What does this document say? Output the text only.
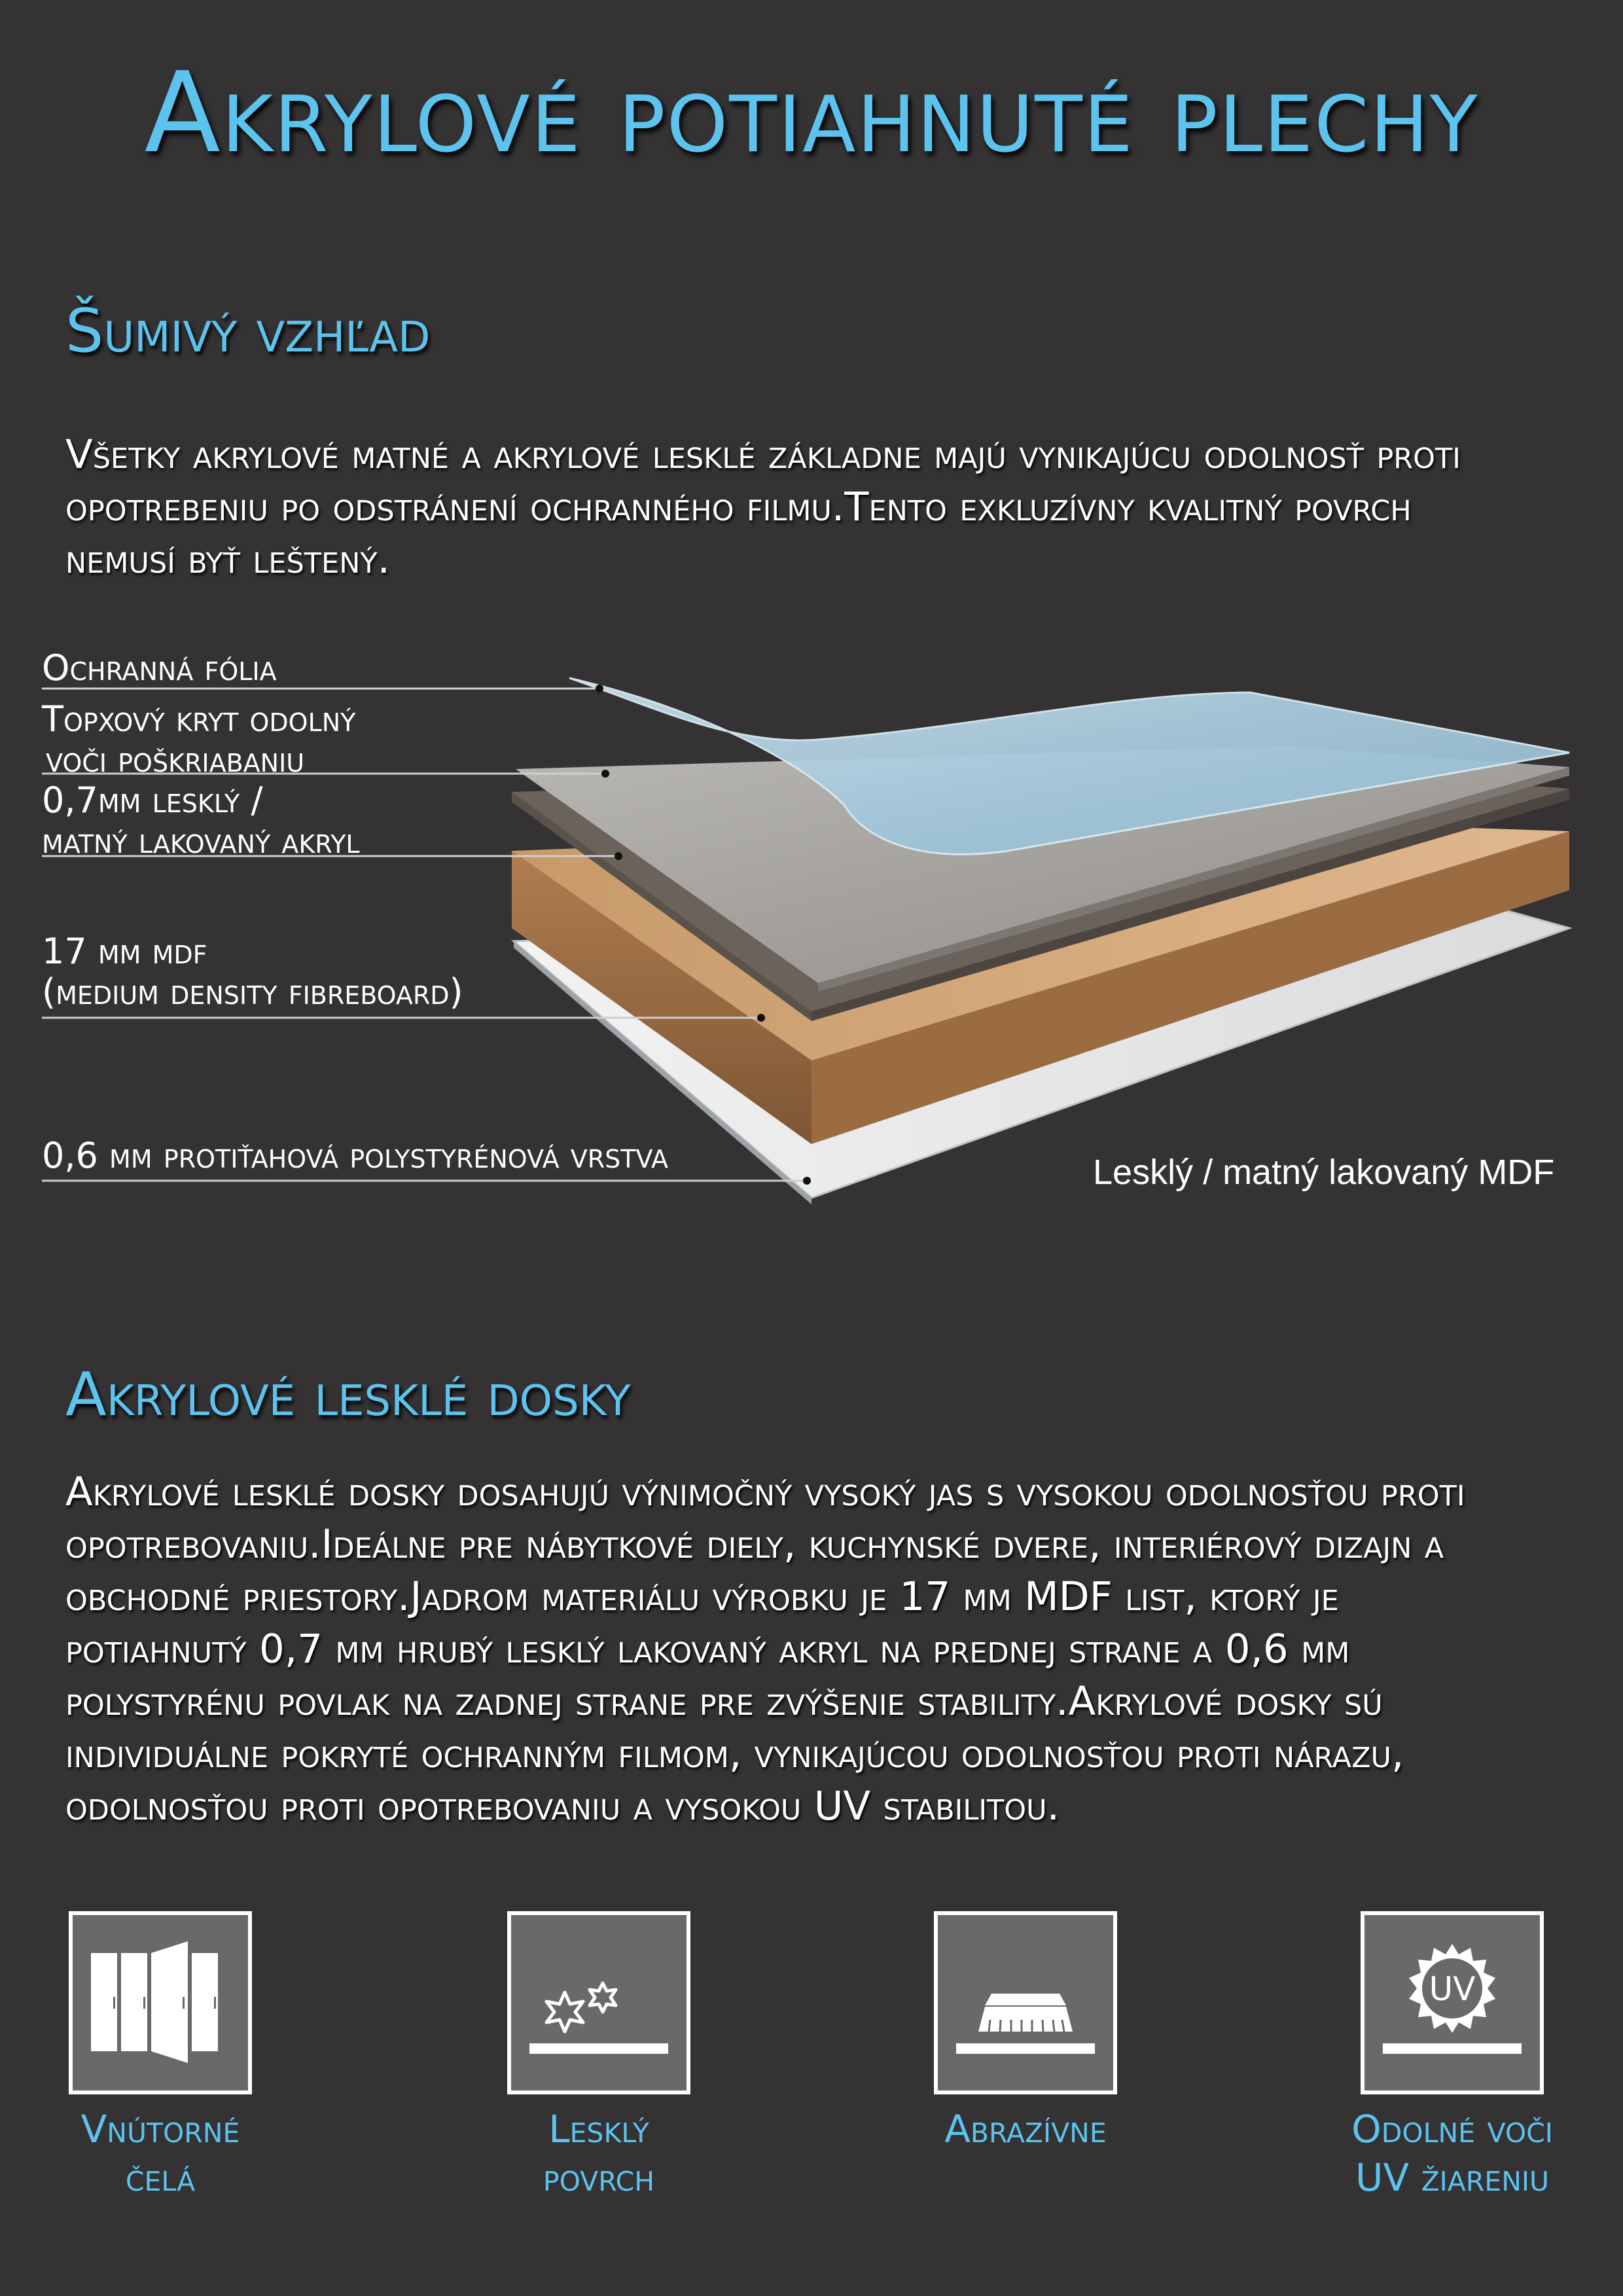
Akrylové potiahnuté plechy
Šumivý vzhľad
Všetky akrylové matné a akrylové lesklé základne majú vynikajúcu odolnosť proti
opotrebeniu po odstránení ochranného filmu.Tento exkluzívny kvalitný povrch
nemusí byť leštený.
Ochranná fólia
Topxový kryt odolný
voči poškriabaniu
0,7mm lesklý /
matný lakovaný akryl
17 mm mdf
(medium density fibreboard)
0,6 mm protiťahová polystyrénová vrstva	Lesklý / matný lakovaný MDF
Akrylové lesklé dosky
Akrylové lesklé dosky dosahujú výnimočný vysoký jas s vysokou odolnosťou proti
opotrebovaniu.Ideálne pre nábytkové diely, kuchynské dvere, interiérový dizajn a
obchodné priestory.Jadrom materiálu výrobku je 17 mm MDF list, ktorý je
potiahnutý 0,7 mm hrubý lesklý lakovaný akryl na prednej strane a 0,6 mm
polystyrénu povlak na zadnej strane pre zvýšenie stability.Akrylové dosky sú
individuálne pokryté ochranným filmom, vynikajúcou odolnosťou proti nárazu,
odolnosťou proti opotrebovaniu a vysokou UV stabilitou.
Vnútorné
čelá
Lesklý
povrch
Abrazívne
UV
Odolné voči
UV žiareniu
